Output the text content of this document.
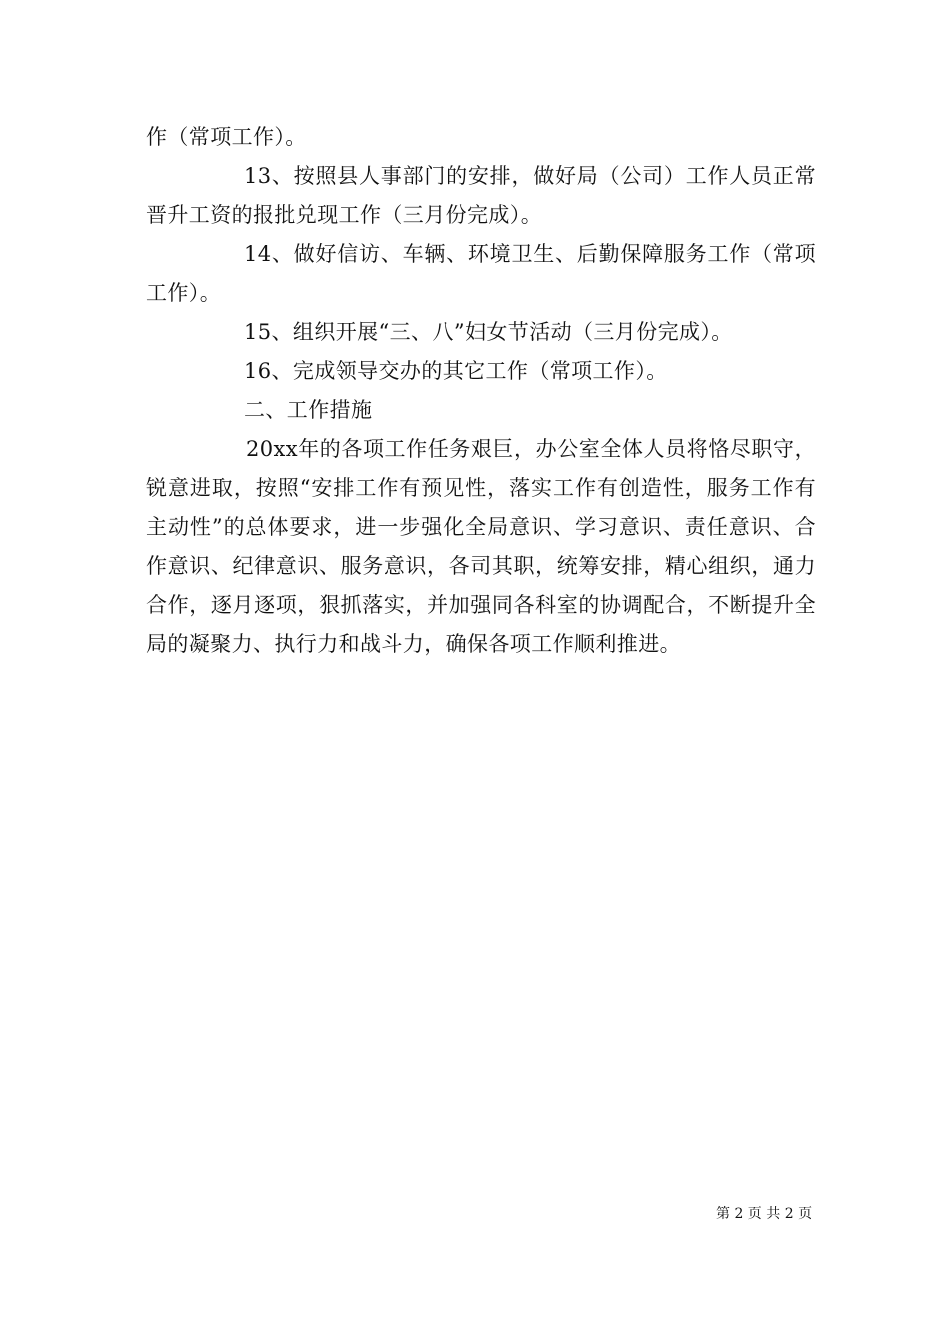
作（常项工作）。

13、按照县人事部门的安排，做好局（公司）工作人员正常晋升工资的报批兑现工作（三月份完成）。

14、做好信访、车辆、环境卫生、后勤保障服务工作（常项工作）。

15、组织开展“三、八”妇女节活动（三月份完成）。

16、完成领导交办的其它工作（常项工作）。

二、工作措施

20xx年的各项工作任务艰巨，办公室全体人员将恪尽职守，锐意进取，按照“安排工作有预见性，落实工作有创造性，服务工作有主动性”的总体要求，进一步强化全局意识、学习意识、责任意识、合作意识、纪律意识、服务意识，各司其职，统筹安排，精心组织，通力合作，逐月逐项，狠抓落实，并加强同各科室的协调配合，不断提升全局的凝聚力、执行力和战斗力，确保各项工作顺利推进。

第 2 页 共 2 页
